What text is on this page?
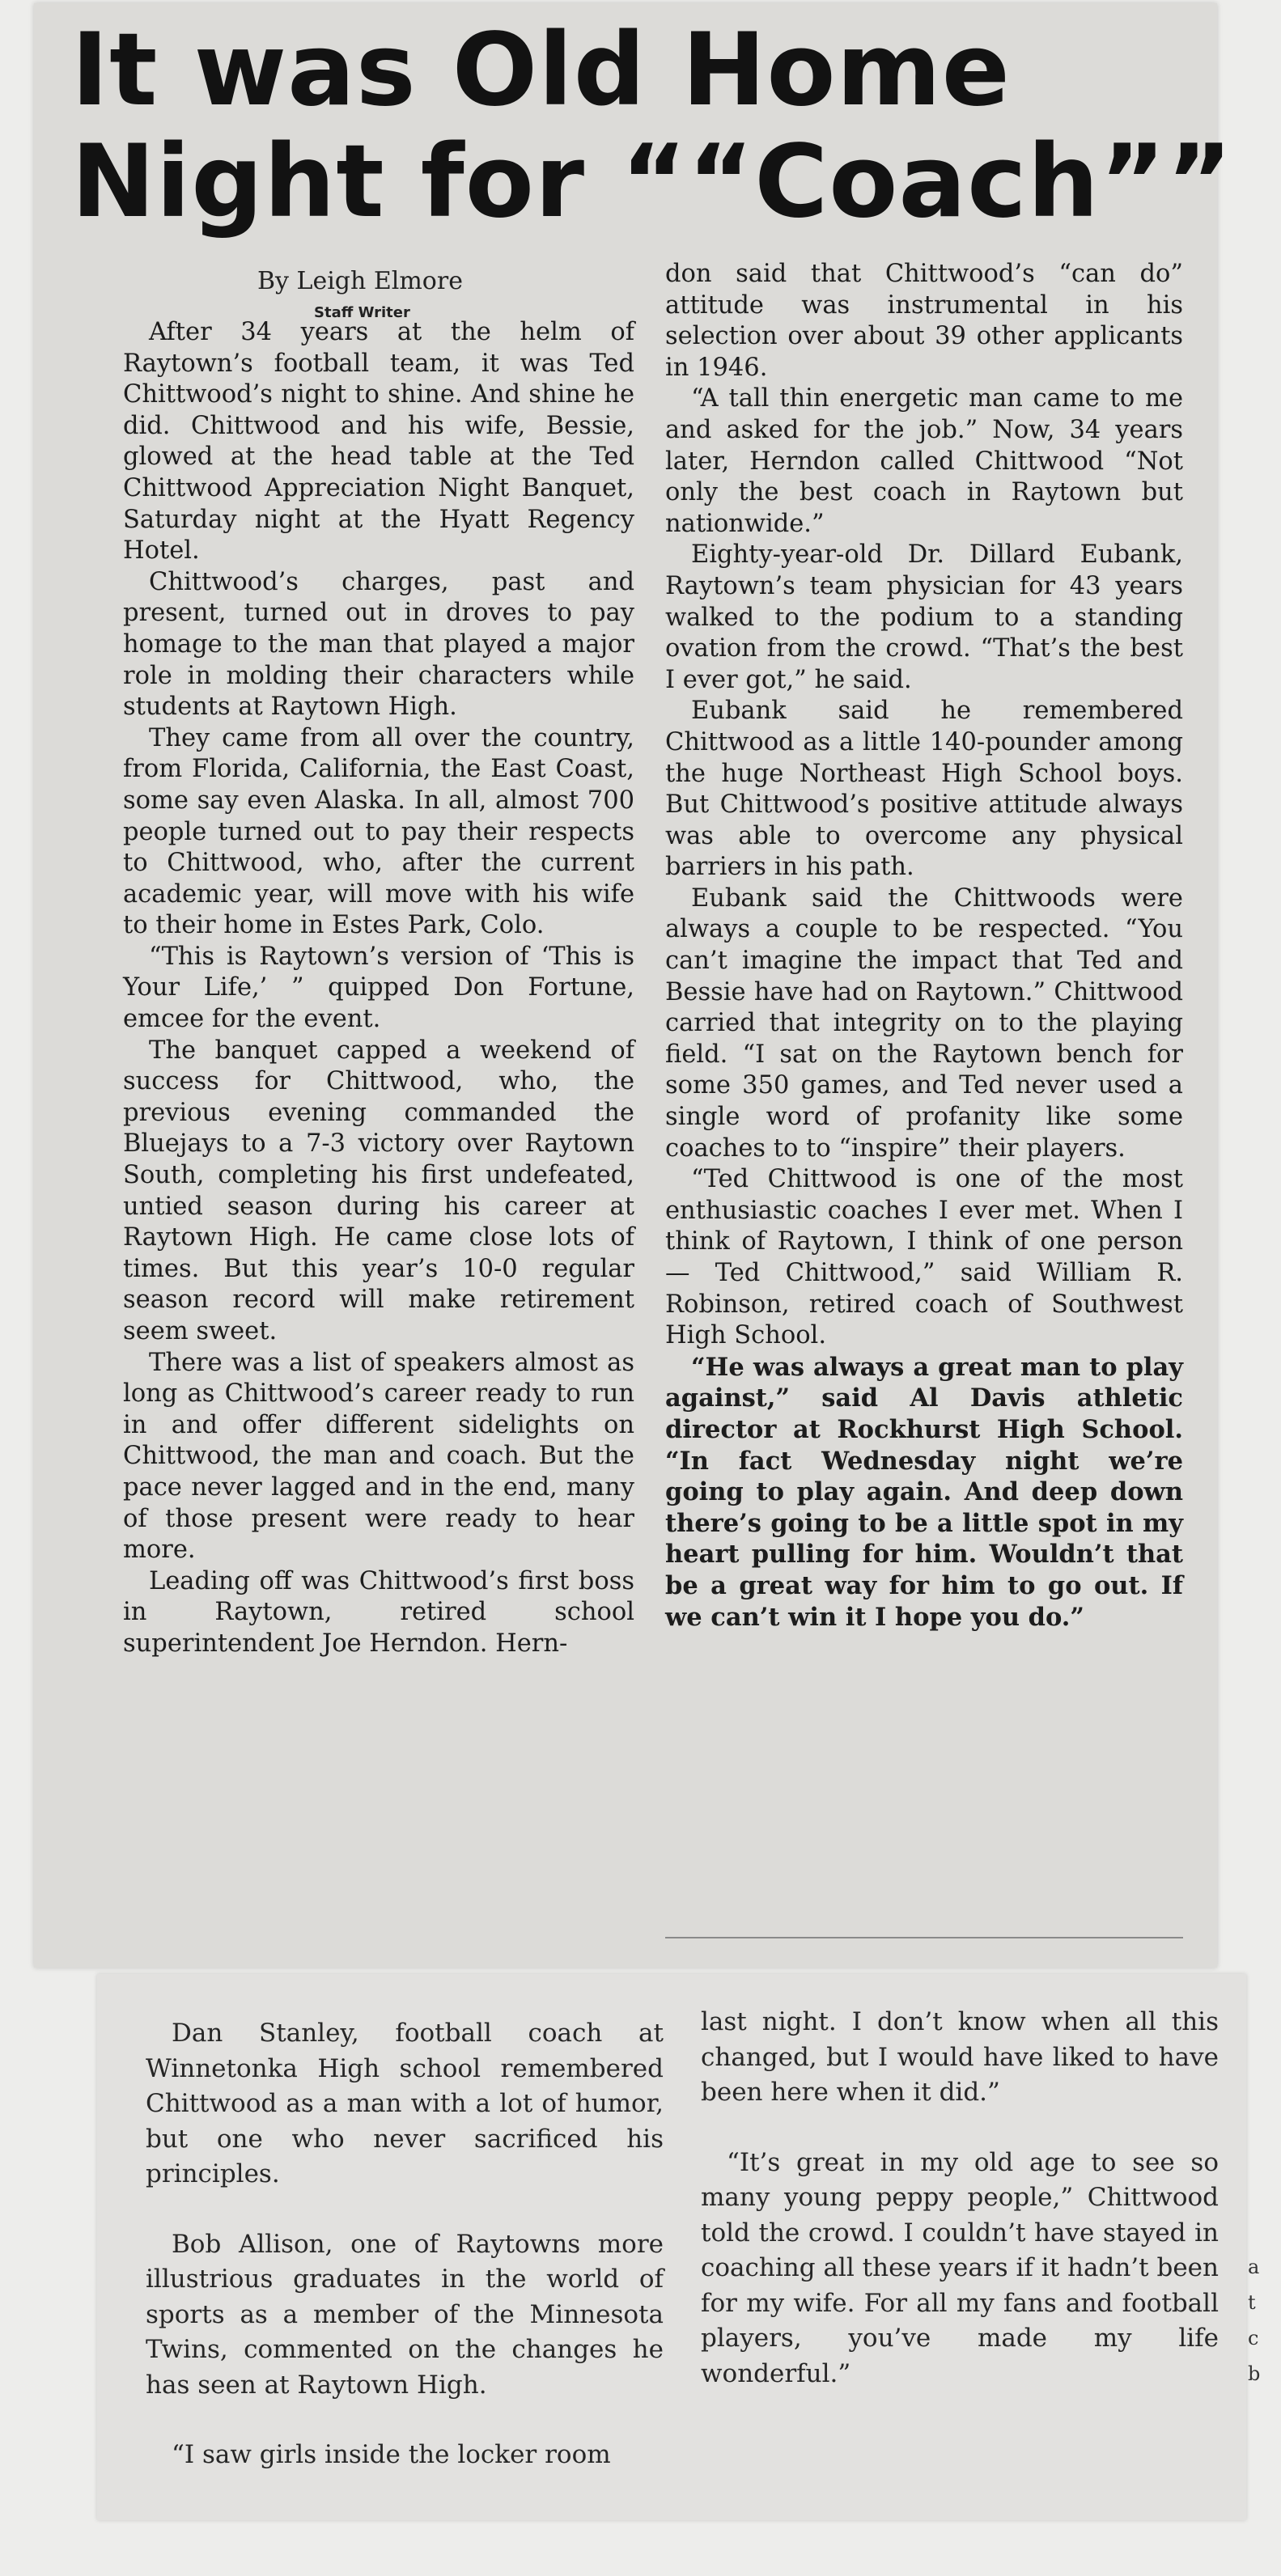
It was Old Home
Night for ““Coach””
By Leigh Elmore
Staff Writer

After 34 years at the helm of Raytown’s football team, it was Ted Chittwood’s night to shine. And shine he did. Chittwood and his wife, Bessie, glowed at the head table at the Ted Chittwood Appreciation Night Banquet, Saturday night at the Hyatt Regency Hotel.

Chittwood’s charges, past and present, turned out in droves to pay homage to the man that played a major role in molding their characters while students at Raytown High.

They came from all over the country, from Florida, California, the East Coast, some say even Alaska. In all, almost 700 people turned out to pay their respects to Chittwood, who, after the current academic year, will move with his wife to their home in Estes Park, Colo.

“This is Raytown’s version of ‘This is Your Life,’ ” quipped Don Fortune, emcee for the event.

The banquet capped a weekend of success for Chittwood, who, the previous evening commanded the Bluejays to a 7-3 victory over Raytown South, completing his first undefeated, untied season during his career at Raytown High. He came close lots of times. But this year’s 10-0 regular season record will make retirement seem sweet.

There was a list of speakers almost as long as Chittwood’s career ready to run in and offer different sidelights on Chittwood, the man and coach. But the pace never lagged and in the end, many of those present were ready to hear more.

Leading off was Chittwood’s first boss in Raytown, retired school superintendent Joe Herndon. Hern-

don said that Chittwood’s “can do” attitude was instrumental in his selection over about 39 other applicants in 1946.

“A tall thin energetic man came to me and asked for the job.” Now, 34 years later, Herndon called Chittwood “Not only the best coach in Raytown but nationwide.”

Eighty-year-old Dr. Dillard Eubank, Raytown’s team physician for 43 years walked to the podium to a standing ovation from the crowd. “That’s the best I ever got,” he said.

Eubank said he remembered Chittwood as a little 140-pounder among the huge Northeast High School boys. But Chittwood’s positive attitude always was able to overcome any physical barriers in his path.

Eubank said the Chittwoods were always a couple to be respected. “You can’t imagine the impact that Ted and Bessie have had on Raytown.” Chittwood carried that integrity on to the playing field. “I sat on the Raytown bench for some 350 games, and Ted never used a single word of profanity like some coaches to to “inspire” their players.

“Ted Chittwood is one of the most enthusiastic coaches I ever met. When I think of Raytown, I think of one person — Ted Chittwood,” said William R. Robinson, retired coach of Southwest High School.

“He was always a great man to play against,” said Al Davis athletic director at Rockhurst High School. “In fact Wednesday night we’re going to play again. And deep down there’s going to be a little spot in my heart pulling for him. Wouldn’t that be a great way for him to go out. If we can’t win it I hope you do.”

Dan Stanley, football coach at Winnetonka High school remembered Chittwood as a man with a lot of humor, but one who never sacrificed his principles.

Bob Allison, one of Raytowns more illustrious graduates in the world of sports as a member of the Minnesota Twins, commented on the changes he has seen at Raytown High.

“I saw girls inside the locker room

last night. I don’t know when all this changed, but I would have liked to have been here when it did.”

“It’s great in my old age to see so many young peppy people,” Chittwood told the crowd. I couldn’t have stayed in coaching all these years if it hadn’t been for my wife. For all my fans and football players, you’ve made my life wonderful.”

a
t
c
b
